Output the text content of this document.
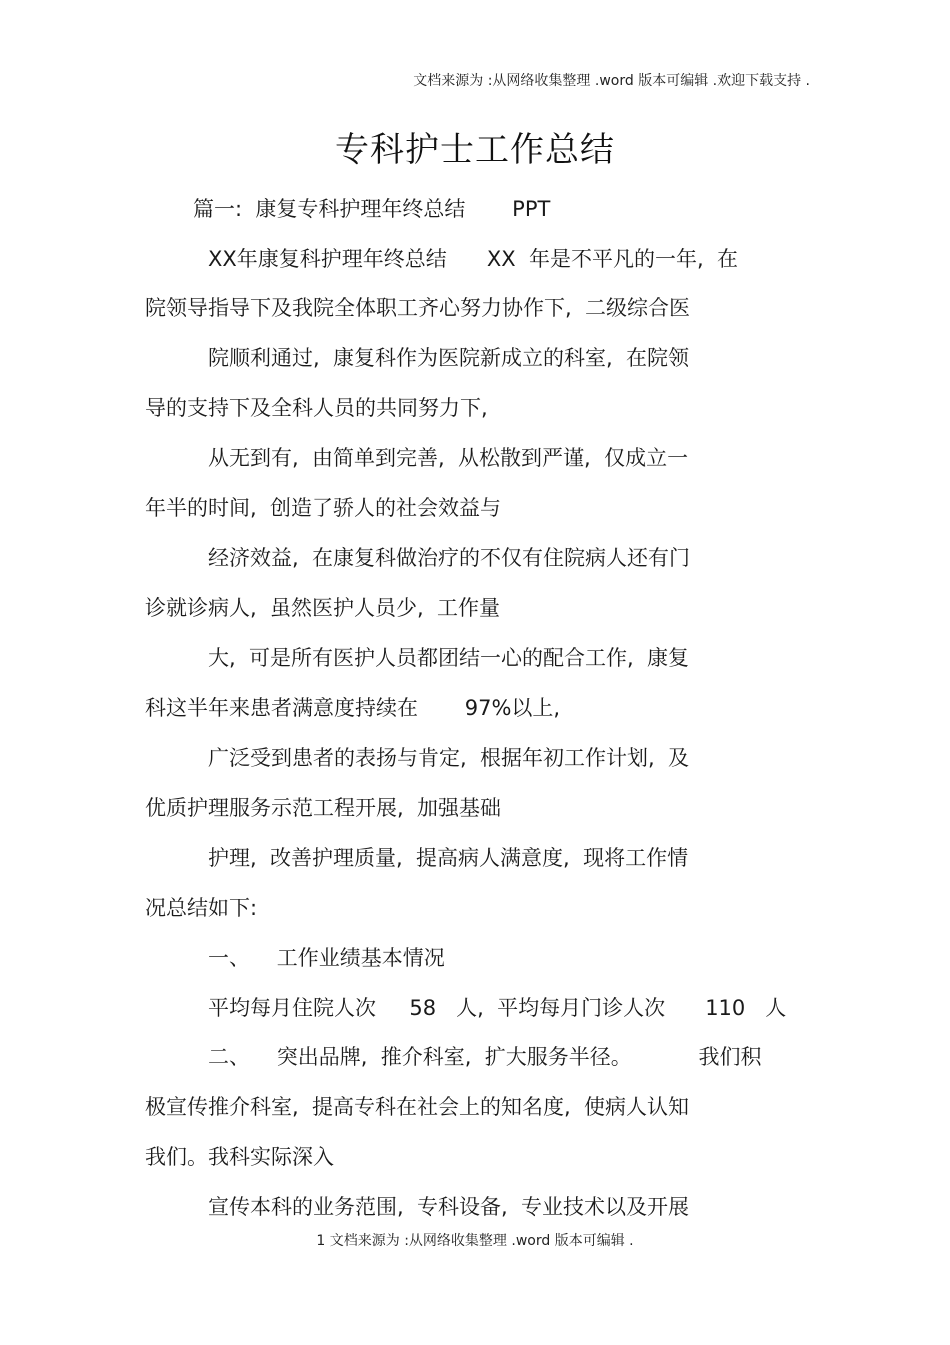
文档来源为 :从网络收集整理 .word 版本可编辑 .欢迎下载支持 .
专科护士工作总结
篇一:  康复专科护理年终总结       PPT
XX年康复科护理年终总结      XX  年是不平凡的一年,  在
院领导指导下及我院全体职工齐心努力协作下,  二级综合医
院顺利通过,  康复科作为医院新成立的科室,  在院领
导的支持下及全科人员的共同努力下,
从无到有,  由简单到完善,  从松散到严谨,  仅成立一
年半的时间,  创造了骄人的社会效益与
经济效益,  在康复科做治疗的不仅有住院病人还有门
诊就诊病人,  虽然医护人员少,  工作量
大,  可是所有医护人员都团结一心的配合工作,  康复
科这半年来患者满意度持续在       97%以上,
广泛受到患者的表扬与肯定,  根据年初工作计划,  及
优质护理服务示范工程开展,  加强基础
护理,  改善护理质量,  提高病人满意度,  现将工作情
况总结如下:
一、    工作业绩基本情况
平均每月住院人次     58   人,  平均每月门诊人次      110   人
二、    突出品牌,  推介科室,  扩大服务半径。          我们积
极宣传推介科室,  提高专科在社会上的知名度,  使病人认知
我们。我科实际深入
宣传本科的业务范围,  专科设备,  专业技术以及开展
1 文档来源为 :从网络收集整理 .word 版本可编辑 .
